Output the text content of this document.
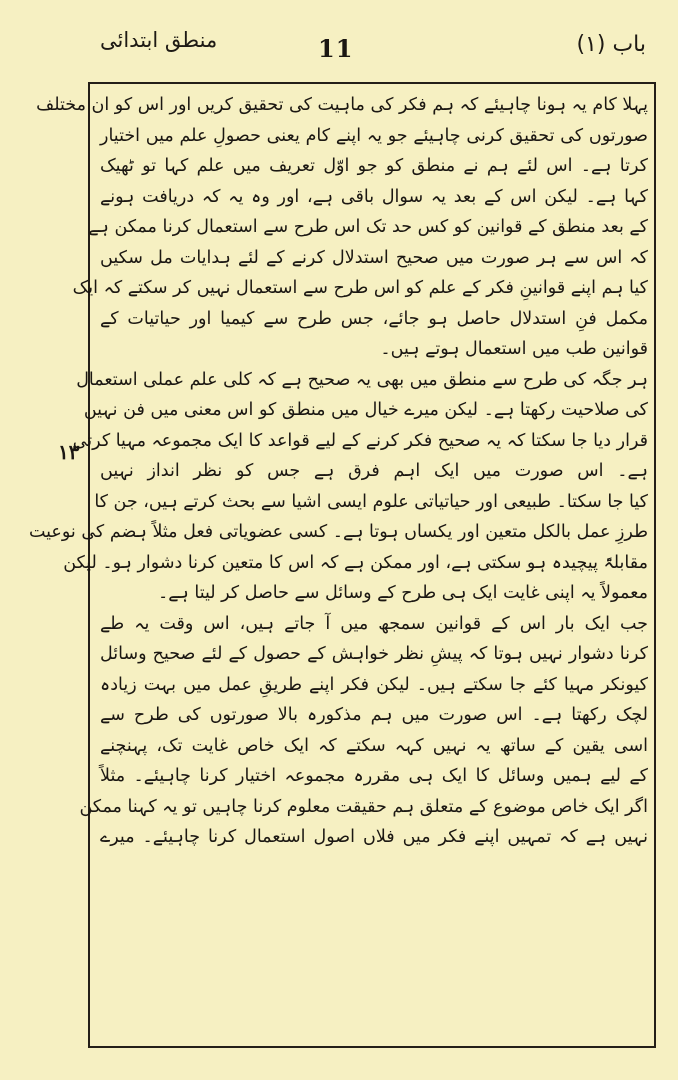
منطق ابتدائی	11	باب (۱)
۱۳
پہلا کام یہ ہونا چاہیئے کہ ہم فکر کی ماہیت کی تحقیق کریں اور اس کو ان مختلف
صورتوں کی تحقیق کرنی چاہیئے جو یہ اپنے کام یعنی حصولِ علم میں اختیار
کرتا ہے۔ اس لئے ہم نے منطق کو جو اوّل تعریف میں علم کہا تو ٹھیک
کہا ہے۔ لیکن اس کے بعد یہ سوال باقی ہے، اور وہ یہ کہ دریافت ہونے
کے بعد منطق کے قوانین کو کس حد تک اس طرح سے استعمال کرنا ممکن ہے
کہ اس سے ہر صورت میں صحیح استدلال کرنے کے لئے ہدایات مل سکیں
کیا ہم اپنے قوانینِ فکر کے علم کو اس طرح سے استعمال نہیں کر سکتے کہ ایک
مکمل فنِ استدلال حاصل ہو جائے، جس طرح سے کیمیا اور حیاتیات کے
قوانین طب میں استعمال ہوتے ہیں۔
ہر جگہ کی طرح سے منطق میں بھی یہ صحیح ہے کہ کلی علم عملی استعمال
کی صلاحیت رکھتا ہے۔ لیکن میرے خیال میں منطق کو اس معنی میں فن نہیں
قرار دیا جا سکتا کہ یہ صحیح فکر کرنے کے لیے قواعد کا ایک مجموعہ مہیا کرتی
ہے۔ اس صورت میں ایک اہم فرق ہے جس کو نظر انداز نہیں
کیا جا سکتا۔ طبیعی اور حیاتیاتی علوم ایسی اشیا سے بحث کرتے ہیں، جن کا
طرزِ عمل بالکل متعین اور یکساں ہوتا ہے۔ کسی عضویاتی فعل مثلاً ہضم کی نوعیت
مقابلۃً پیچیدہ ہو سکتی ہے، اور ممکن ہے کہ اس کا متعین کرنا دشوار ہو۔ لیکن
معمولاً یہ اپنی غایت ایک ہی طرح کے وسائل سے حاصل کر لیتا ہے۔
جب ایک بار اس کے قوانین سمجھ میں آ جاتے ہیں، اس وقت یہ طے
کرنا دشوار نہیں ہوتا کہ پیشِ نظر خواہش کے حصول کے لئے صحیح وسائل
کیونکر مہیا کئے جا سکتے ہیں۔ لیکن فکر اپنے طریقِ عمل میں بہت زیادہ
لچک رکھتا ہے۔ اس صورت میں ہم مذکورہ بالا صورتوں کی طرح سے
اسی یقین کے ساتھ یہ نہیں کہہ سکتے کہ ایک خاص غایت تک، پہنچنے
کے لیے ہمیں وسائل کا ایک ہی مقررہ مجموعہ اختیار کرنا چاہیئے۔ مثلاً
اگر ایک خاص موضوع کے متعلق ہم حقیقت معلوم کرنا چاہیں تو یہ کہنا ممکن
نہیں ہے کہ تمہیں اپنے فکر میں فلاں اصول استعمال کرنا چاہیئے۔ میرے
